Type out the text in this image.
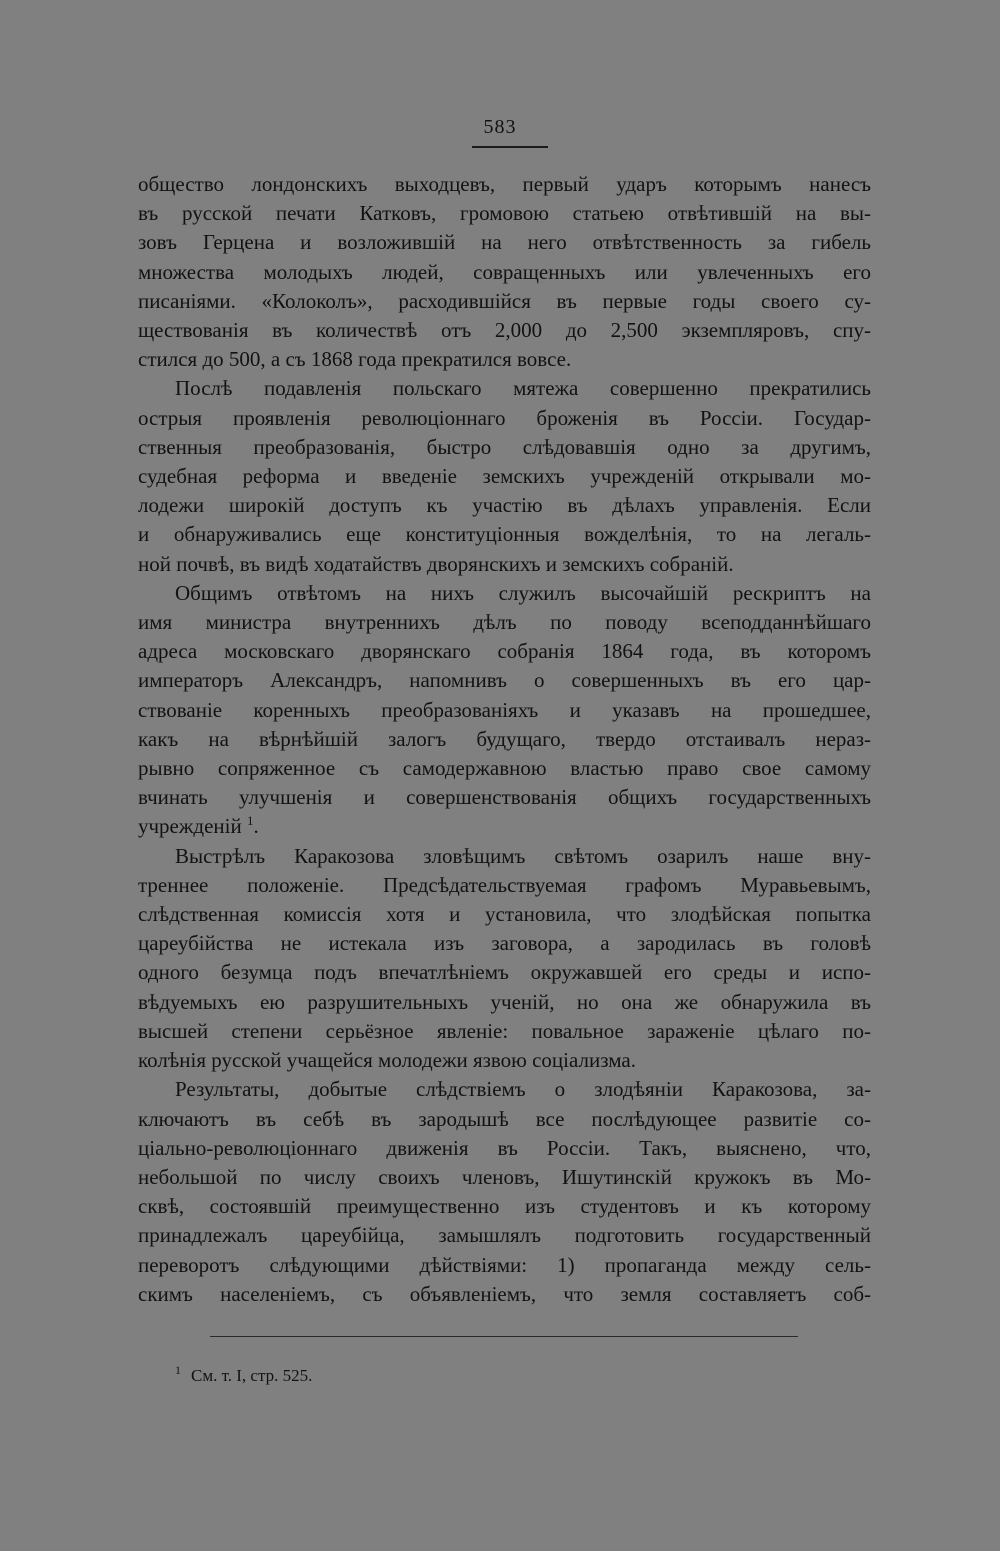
583

общество лондонскихъ выходцевъ, первый ударъ которымъ нанесъ
въ русской печати Катковъ, громовою статьею отвѣтившій на вы-
зовъ Герцена и возложившій на него отвѣтственность за гибель
множества молодыхъ людей, совращенныхъ или увлеченныхъ его
писаніями. «Колоколъ», расходившійся въ первые годы своего су-
ществованія въ количествѣ отъ 2,000 до 2,500 экземпляровъ, спу-
стился до 500, а съ 1868 года прекратился вовсе.

Послѣ подавленія польскаго мятежа совершенно прекратились
острыя проявленія революціоннаго броженія въ Россіи. Государ-
ственныя преобразованія, быстро слѣдовавшія одно за другимъ,
судебная реформа и введеніе земскихъ учрежденій открывали мо-
лодежи широкій доступъ къ участію въ дѣлахъ управленія. Если
и обнаруживались еще конституціонныя вожделѣнія, то на легаль-
ной почвѣ, въ видѣ ходатайствъ дворянскихъ и земскихъ собраній.

Общимъ отвѣтомъ на нихъ служилъ высочайшій рескриптъ на
имя министра внутреннихъ дѣлъ по поводу всеподданнѣйшаго
адреса московскаго дворянскаго собранія 1864 года, въ которомъ
императоръ Александръ, напомнивъ о совершенныхъ въ его цар-
ствованіе коренныхъ преобразованіяхъ и указавъ на прошедшее,
какъ на вѣрнѣйшій залогъ будущаго, твердо отстаивалъ нераз-
рывно сопряженное съ самодержавною властью право свое самому
вчинать улучшенія и совершенствованія общихъ государственныхъ
учрежденій $^1$.

Выстрѣлъ Каракозова зловѣщимъ свѣтомъ озарилъ наше вну-
треннее положеніе. Предсѣдательствуемая графомъ Муравьевымъ,
слѣдственная комиссія хотя и установила, что злодѣйская попытка
цареубійства не истекала изъ заговора, а зародилась въ головѣ
одного безумца подъ впечатлѣніемъ окружавшей его среды и испо-
вѣдуемыхъ ею разрушительныхъ ученій, но она же обнаружила въ
высшей степени серьёзное явленіе: повальное зараженіе цѣлаго по-
колѣнія русской учащейся молодежи язвою соціализма.

Результаты, добытые слѣдствіемъ о злодѣяніи Каракозова, за-
ключаютъ въ себѣ въ зародышѣ все послѣдующее развитіе со-
ціально-революціоннаго движенія въ Россіи. Такъ, выяснено, что,
небольшой по числу своихъ членовъ, Ишутинскій кружокъ въ Мо-
сквѣ, состоявшій преимущественно изъ студентовъ и къ которому
принадлежалъ цареубійца, замышлялъ подготовить государственный
переворотъ слѣдующими дѣйствіями: 1) пропаганда между сель-
скимъ населеніемъ, съ объявленіемъ, что земля составляетъ соб-

$^1$ См. т. I, стр. 525.
